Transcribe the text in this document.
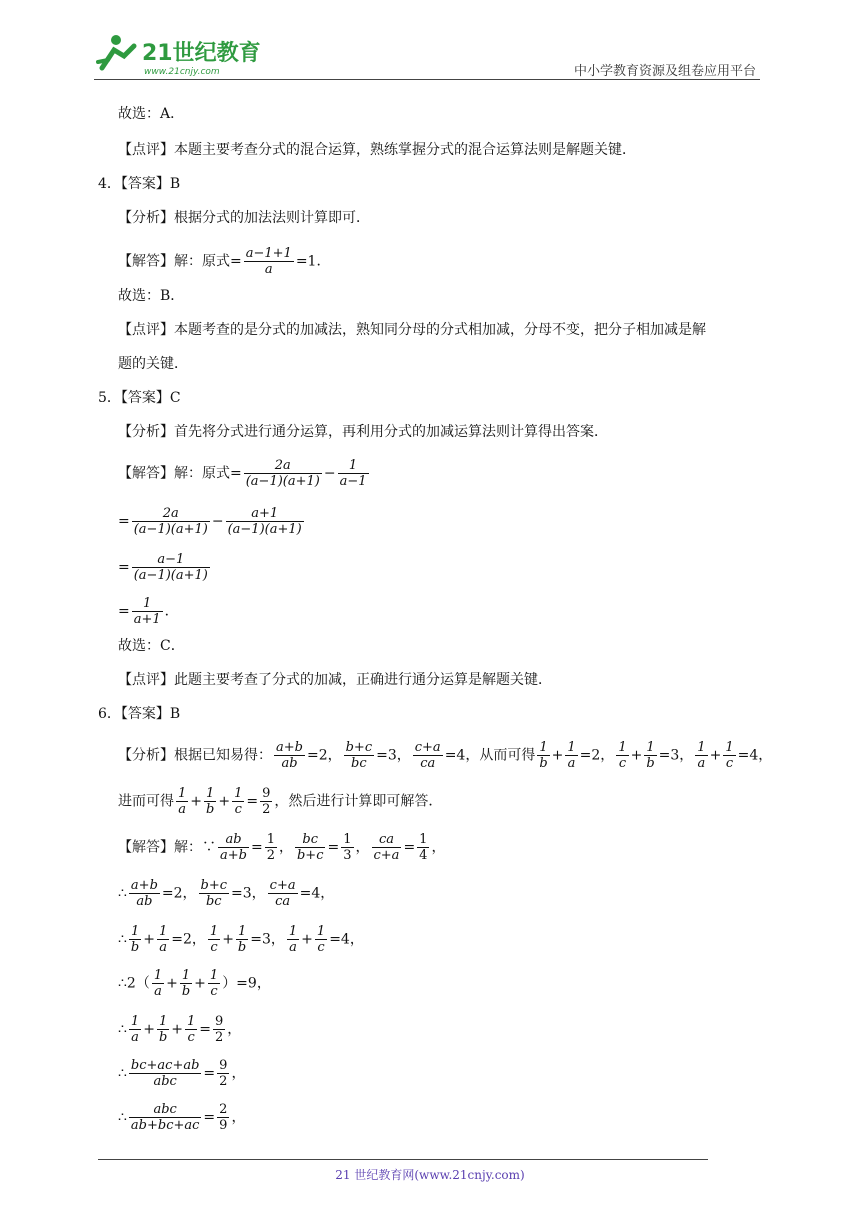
21世纪教育
www.21cnjy.com	中小学教育资源及组卷应用平台
故选：A．
【点评】本题主要考查分式的混合运算，熟练掌握分式的混合运算法则是解题关键．
4．【答案】B
【分析】根据分式的加法法则计算即可．
【解答】解：原式= $\frac{a-1+1}{a} =1$．
故选：B．
【点评】本题考查的是分式的加减法，熟知同分母的分式相加减，分母不变，把分子相加减是解
题的关键．
5．【答案】C
【分析】首先将分式进行通分运算，再利用分式的加减运算法则计算得出答案．
【解答】解：原式= $\frac{2a}{(a-1)(a+1)} - \frac{1}{a-1}$
= $\frac{2a}{(a-1)(a+1)} - \frac{a+1}{(a-1)(a+1)}$
= $\frac{a-1}{(a-1)(a+1)}$
= $\frac{1}{a+1}$ ．
故选：C．
【点评】此题主要考查了分式的加减，正确进行通分运算是解题关键．
6．【答案】B
【分析】根据已知易得： $\frac{a+b}{ab} =2$， $\frac{b+c}{bc} =3$， $\frac{c+a}{ca} =4$，从而可得 $\frac{1}{b} + \frac{1}{a} =2$， $\frac{1}{c} + \frac{1}{b} =3$， $\frac{1}{a} + \frac{1}{c} =4$，
进而可得 $\frac{1}{a} + \frac{1}{b} + \frac{1}{c} = \frac{9}{2}$ ，然后进行计算即可解答．
【解答】解：∵ $\frac{ab}{a+b} = \frac{1}{2}$ ， $\frac{bc}{b+c} = \frac{1}{3}$ ， $\frac{ca}{c+a} = \frac{1}{4}$ ，
∴ $\frac{a+b}{ab} =2$， $\frac{b+c}{bc} =3$， $\frac{c+a}{ca} =4$，
∴ $\frac{1}{b} + \frac{1}{a} =2$， $\frac{1}{c} + \frac{1}{b} =3$， $\frac{1}{a} + \frac{1}{c} =4$，
∴2（ $\frac{1}{a} + \frac{1}{b} + \frac{1}{c} )=9$，
∴ $\frac{1}{a} + \frac{1}{b} + \frac{1}{c} = \frac{9}{2}$ ，
∴ bc+ac+ab
abc	= $\frac{9}{2}$ ，
∴	abc
$ab+bc+ac = \frac{2}{9}$ ，
21 世纪教育网(www.21cnjy.com)
